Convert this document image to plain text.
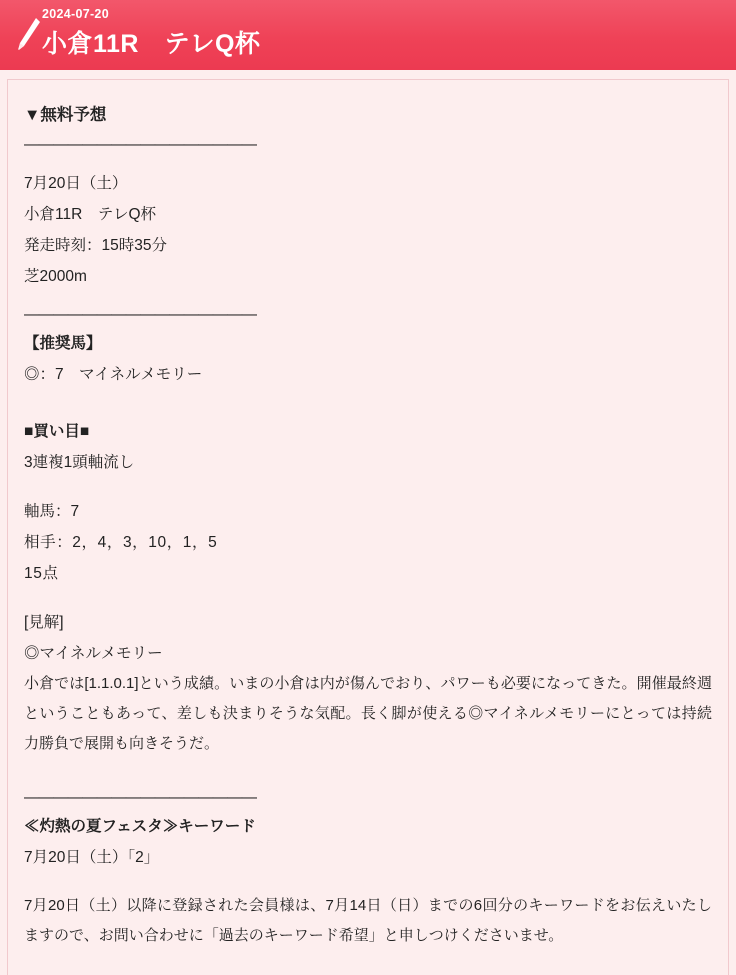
2024-07-20
小倉11R　テレQ杯
▼無料予想
――――――――――――――――
7月20日（土）
小倉11R　テレQ杯
発走時刻：15時35分
芝2000m
――――――――――――――――
【推奨馬】
◎：7　マイネルメモリー
■買い目■
3連複1頭軸流し
軸馬：7
相手：2，4，3，10，1，5
15点
[見解]
◎マイネルメモリー
小倉では[1.1.0.1]という成績。いまの小倉は内が傷んでおり、パワーも必要になってきた。開催最終週ということもあって、差しも決まりそうな気配。長く脚が使える◎マイネルメモリーにとっては持続力勝負で展開も向きそうだ。
――――――――――――――――
≪灼熱の夏フェスタ≫キーワード
7月20日（土）「2」
7月20日（土）以降に登録された会員様は、7月14日（日）までの6回分のキーワードをお伝えいたしますので、お問い合わせに「過去のキーワード希望」と申しつけくださいませ。
